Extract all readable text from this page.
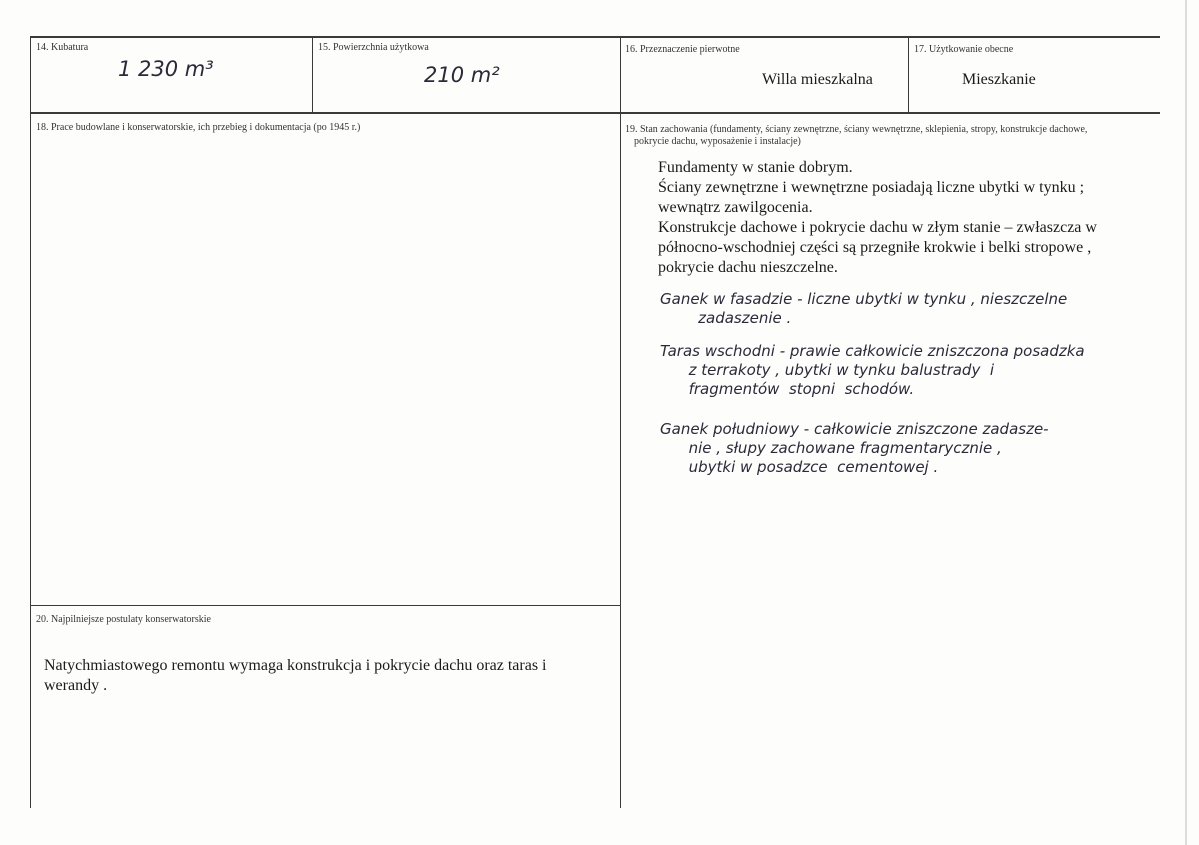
14. Kubatura
1 230 m³
15. Powierzchnia użytkowa
210 m²
16. Przeznaczenie pierwotne
Willa mieszkalna
17. Użytkowanie obecne
Mieszkanie
18. Prace budowlane i konserwatorskie, ich przebieg i dokumentacja (po 1945 r.)	19. Stan zachowania (fundamenty, ściany zewnętrzne, ściany wewnętrzne, sklepienia, stropy, konstrukcje dachowe,
pokrycie dachu, wyposażenie i instalacje)
Fundamenty w stanie dobrym.
Ściany zewnętrzne i wewnętrzne posiadają liczne ubytki w tynku ;
wewnątrz zawilgocenia.
Konstrukcje dachowe i pokrycie dachu w złym stanie – zwłaszcza w
północno-wschodniej części są przegniłe krokwie i belki stropowe ,
pokrycie dachu nieszczelne.
Ganek w fasadzie - liczne ubytki w tynku , nieszczelne
zadaszenie .
Taras wschodni - prawie całkowicie zniszczona posadzka
z terrakoty , ubytki w tynku balustrady  i
fragmentów  stopni  schodów.
Ganek południowy - całkowicie zniszczone zadasze-
nie , słupy zachowane fragmentarycznie ,
ubytki w posadzce  cementowej .
20. Najpilniejsze postulaty konserwatorskie
Natychmiastowego remontu wymaga konstrukcja i pokrycie dachu oraz taras i
werandy .
